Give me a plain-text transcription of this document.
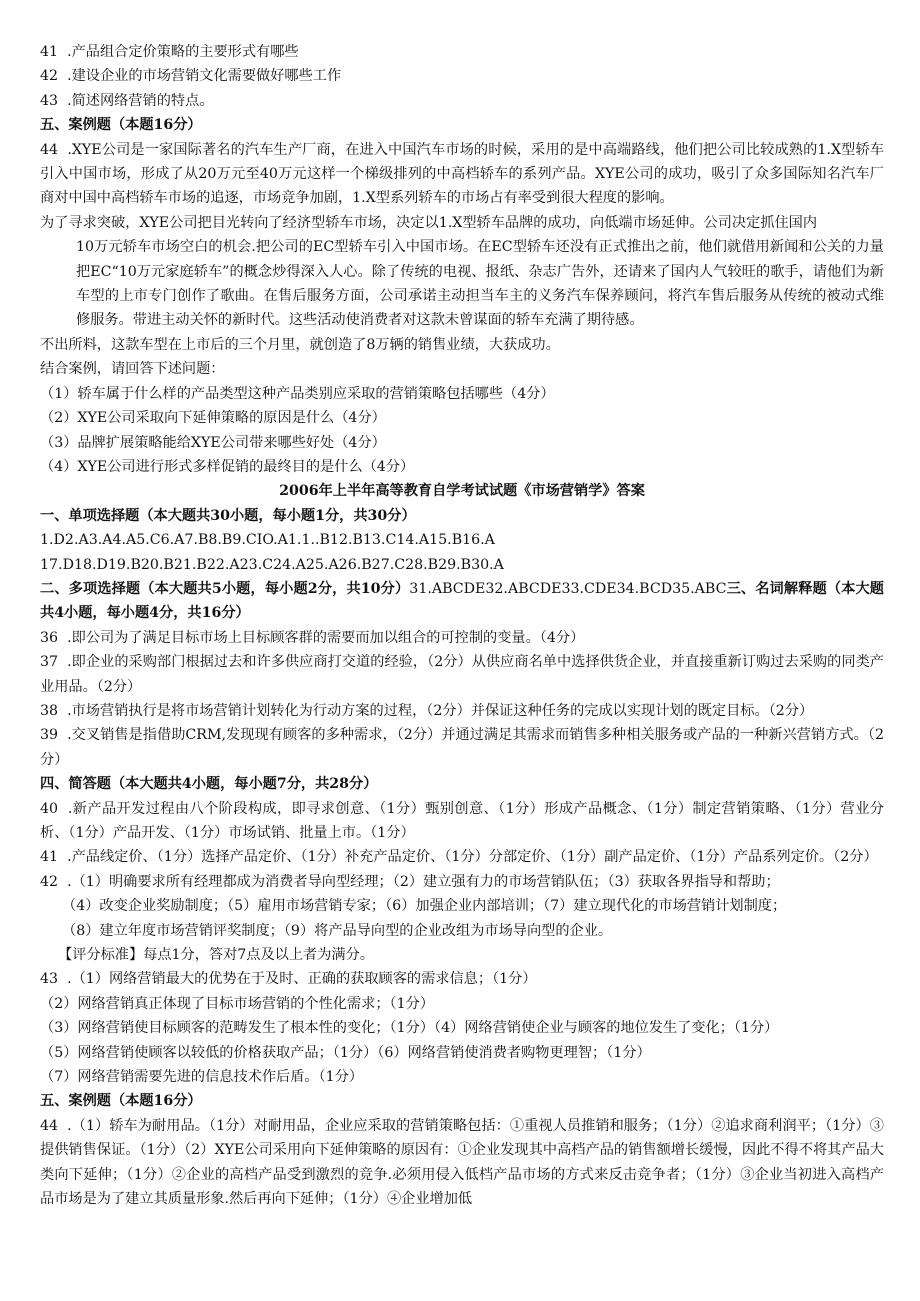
41  .产品组合定价策略的主要形式有哪些

42  .建设企业的市场营销文化需要做好哪些工作

43  .简述网络营销的特点。

五、案例题（本题16分）

44  .XYE公司是一家国际著名的汽车生产厂商，在进入中国汽车市场的时候，采用的是中高端路线，他们把公司比较成熟的1.X型轿车引入中国市场，形成了从20万元至40万元这样一个梯级排列的中高档轿车的系列产品。XYE公司的成功，吸引了众多国际知名汽车厂商对中国中高档轿车市场的追逐，市场竞争加剧，1.X型系列轿车的市场占有率受到很大程度的影响。

为了寻求突破，XYE公司把目光转向了经济型轿车市场，决定以1.X型轿车品牌的成功，向低端市场延伸。公司决定抓住国内

10万元轿车市场空白的机会.把公司的EC型轿车引入中国市场。在EC型轿车还没有正式推出之前，他们就借用新闻和公关的力量把EC“10万元家庭轿车”的概念炒得深入人心。除了传统的电视、报纸、杂志广告外，还请来了国内人气较旺的歌手，请他们为新车型的上市专门创作了歌曲。在售后服务方面，公司承诺主动担当车主的义务汽车保养顾问，将汽车售后服务从传统的被动式维修服务。带进主动关怀的新时代。这些活动使消费者对这款未曾谋面的轿车充满了期待感。

不出所料，这款车型在上市后的三个月里，就创造了8万辆的销售业绩，大获成功。

结合案例，请回答下述问题：

（1）轿车属于什么样的产品类型这种产品类别应采取的营销策略包括哪些（4分）

（2）XYE公司采取向下延伸策略的原因是什么（4分）

（3）品牌扩展策略能给XYE公司带来哪些好处（4分）

（4）XYE公司进行形式多样促销的最终目的是什么（4分）

2006年上半年高等教育自学考试试题《市场营销学》答案

一、单项选择题（本大题共30小题，每小题1分，共30分）

1.D2.A3.A4.A5.C6.A7.B8.B9.CIO.A1.1..B12.B13.C14.A15.B16.A

17.D18.D19.B20.B21.B22.A23.C24.A25.A26.B27.C28.B29.B30.A

二、多项选择题（本大题共5小题，每小题2分，共10分）31.ABCDE32.ABCDE33.CDE34.BCD35.ABC三、名词解释题（本大题共4小题，每小题4分，共16分）

36  .即公司为了满足目标市场上目标顾客群的需要而加以组合的可控制的变量。（4分）

37  .即企业的采购部门根据过去和许多供应商打交道的经验，（2分）从供应商名单中选择供货企业，并直接重新订购过去采购的同类产业用品。（2分）

38  .市场营销执行是将市场营销计划转化为行动方案的过程，（2分）并保证这种任务的完成以实现计划的既定目标。（2分）

39  .交叉销售是指借助CRM,发现现有顾客的多种需求，（2分）并通过满足其需求而销售多种相关服务或产品的一种新兴营销方式。（2分）

四、简答题（本大题共4小题，每小题7分，共28分）

40  .新产品开发过程由八个阶段构成，即寻求创意、（1分）甄别创意、（1分）形成产品概念、（1分）制定营销策略、（1分）营业分析、（1分）产品开发、（1分）市场试销、批量上市。（1分）

41  .产品线定价、（1分）选择产品定价、（1分）补充产品定价、（1分）分部定价、（1分）副产品定价、（1分）产品系列定价。（2分）

42  .（1）明确要求所有经理都成为消费者导向型经理；（2）建立强有力的市场营销队伍；（3）获取各界指导和帮助；

（4）改变企业奖励制度；（5）雇用市场营销专家；（6）加强企业内部培训；（7）建立现代化的市场营销计划制度；

（8）建立年度市场营销评奖制度；（9）将产品导向型的企业改组为市场导向型的企业。

【评分标准】每点1分，答对7点及以上者为满分。

43  .（1）网络营销最大的优势在于及时、正确的获取顾客的需求信息；（1分）

（2）网络营销真正体现了目标市场营销的个性化需求；（1分）

（3）网络营销使目标顾客的范畴发生了根本性的变化；（1分）（4）网络营销使企业与顾客的地位发生了变化；（1分）

（5）网络营销使顾客以较低的价格获取产品；（1分）（6）网络营销使消费者购物更理智；（1分）

（7）网络营销需要先进的信息技术作后盾。（1分）

五、案例题（本题16分）

44  .（1）轿车为耐用品。（1分）对耐用品，企业应采取的营销策略包括：①重视人员推销和服务；（1分）②追求商利润平；（1分）③提供销售保证。（1分）（2）XYE公司采用向下延伸策略的原因有：①企业发现其中高档产品的销售额增长缓慢，因此不得不将其产品大类向下延伸；（1分）②企业的高档产品受到激烈的竞争.必须用侵入低档产品市场的方式来反击竞争者；（1分）③企业当初进入高档产品市场是为了建立其质量形象.然后再向下延伸；（1分）④企业增加低
